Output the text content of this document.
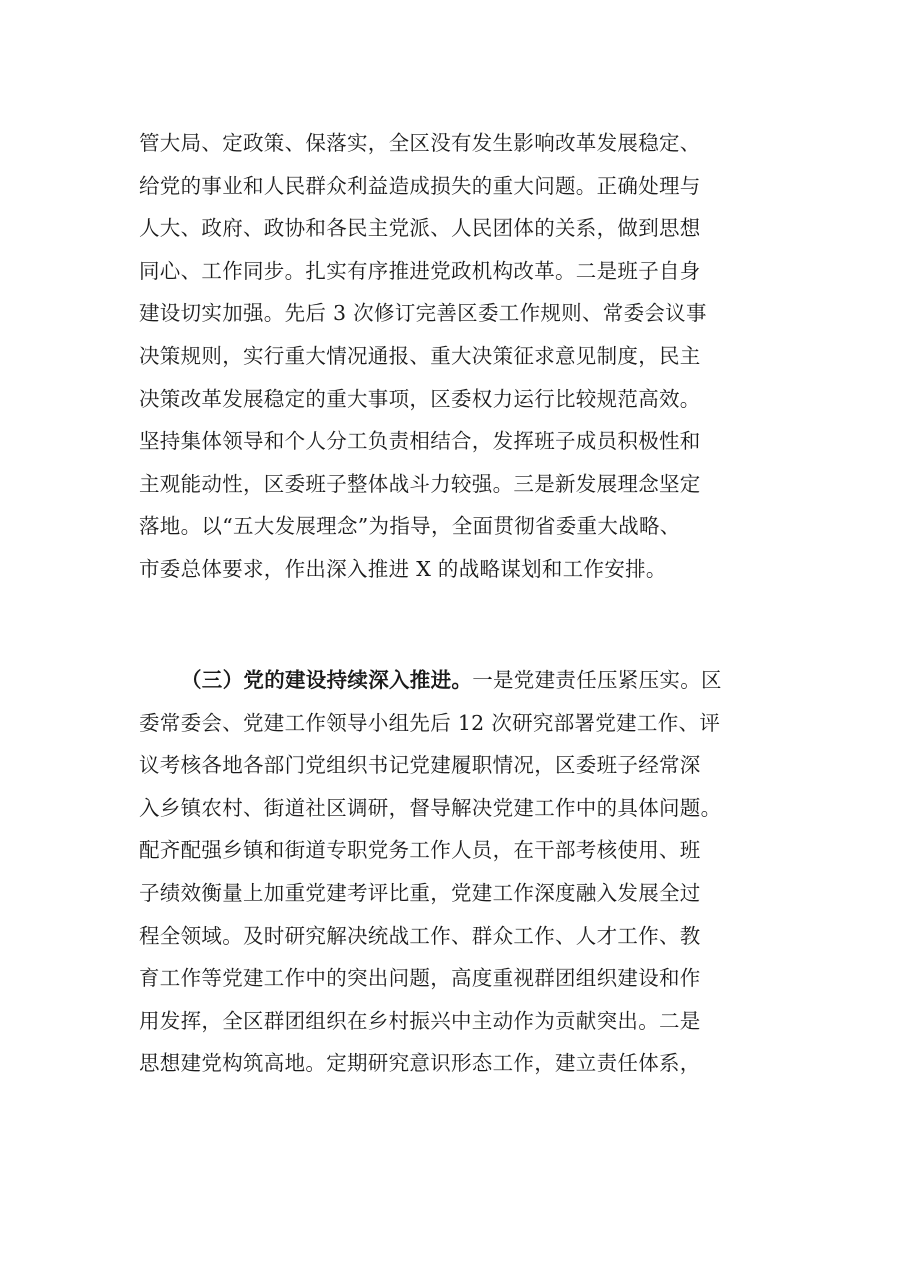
管大局、定政策、保落实，全区没有发生影响改革发展稳定、
给党的事业和人民群众利益造成损失的重大问题。正确处理与
人大、政府、政协和各民主党派、人民团体的关系，做到思想
同心、工作同步。扎实有序推进党政机构改革。二是班子自身
建设切实加强。先后 3 次修订完善区委工作规则、常委会议事
决策规则，实行重大情况通报、重大决策征求意见制度，民主
决策改革发展稳定的重大事项，区委权力运行比较规范高效。
坚持集体领导和个人分工负责相结合，发挥班子成员积极性和
主观能动性，区委班子整体战斗力较强。三是新发展理念坚定
落地。以“五大发展理念”为指导，全面贯彻省委重大战略、
市委总体要求，作出深入推进 X 的战略谋划和工作安排。
（三）党的建设持续深入推进。一是党建责任压紧压实。区
委常委会、党建工作领导小组先后 12 次研究部署党建工作、评
议考核各地各部门党组织书记党建履职情况，区委班子经常深
入乡镇农村、街道社区调研，督导解决党建工作中的具体问题。
配齐配强乡镇和街道专职党务工作人员，在干部考核使用、班
子绩效衡量上加重党建考评比重，党建工作深度融入发展全过
程全领域。及时研究解决统战工作、群众工作、人才工作、教
育工作等党建工作中的突出问题，高度重视群团组织建设和作
用发挥，全区群团组织在乡村振兴中主动作为贡献突出。二是
思想建党构筑高地。定期研究意识形态工作，建立责任体系，
